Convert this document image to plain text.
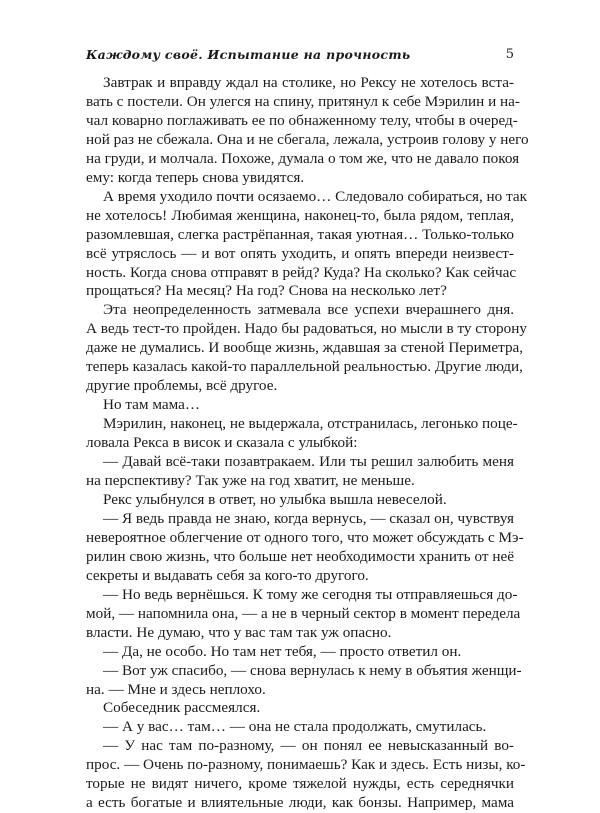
Каждому своё. Испытание на прочность	5
Завтрак и вправду ждал на столике, но Рексу не хотелось вста-
вать с постели. Он улегся на спину, притянул к себе Мэрилин и на-
чал коварно поглаживать ее по обнаженному телу, чтобы в очеред-
ной раз не сбежала. Она и не сбегала, лежала, устроив голову у него
на груди, и молчала. Похоже, думала о том же, что не давало покоя
ему: когда теперь снова увидятся.
А время уходило почти осязаемо… Следовало собираться, но так
не хотелось! Любимая женщина, наконец-то, была рядом, теплая,
разомлевшая, слегка растрёпанная, такая уютная… Только-только
всё утряслось — и вот опять уходить, и опять впереди неизвест-
ность. Когда снова отправят в рейд? Куда? На сколько? Как сейчас
прощаться? На месяц? На год? Снова на несколько лет?
Эта неопределенность затмевала все успехи вчерашнего дня.
А ведь тест-то пройден. Надо бы радоваться, но мысли в ту сторону
даже не думались. И вообще жизнь, ждавшая за стеной Периметра,
теперь казалась какой-то параллельной реальностью. Другие люди,
другие проблемы, всё другое.
Но там мама…
Мэрилин, наконец, не выдержала, отстранилась, легонько поце-
ловала Рекса в висок и сказала с улыбкой:
— Давай всё-таки позавтракаем. Или ты решил залюбить меня
на перспективу? Так уже на год хватит, не меньше.
Рекс улыбнулся в ответ, но улыбка вышла невеселой.
— Я ведь правда не знаю, когда вернусь, — сказал он, чувствуя
невероятное облегчение от одного того, что может обсуждать с Мэ-
рилин свою жизнь, что больше нет необходимости хранить от неё
секреты и выдавать себя за кого-то другого.
— Но ведь вернёшься. К тому же сегодня ты отправляешься до-
мой, — напомнила она, — а не в черный сектор в момент передела
власти. Не думаю, что у вас там так уж опасно.
— Да, не особо. Но там нет тебя, — просто ответил он.
— Вот уж спасибо, — снова вернулась к нему в объятия женщи-
на. — Мне и здесь неплохо.
Собеседник рассмеялся.
— А у вас… там… — она не стала продолжать, смутилась.
— У нас там по-разному, — он понял ее невысказанный во-
прос. — Очень по-разному, понимаешь? Как и здесь. Есть низы, ко-
торые не видят ничего, кроме тяжелой нужды, есть середнячки
а есть богатые и влиятельные люди, как бонзы. Например, мама
